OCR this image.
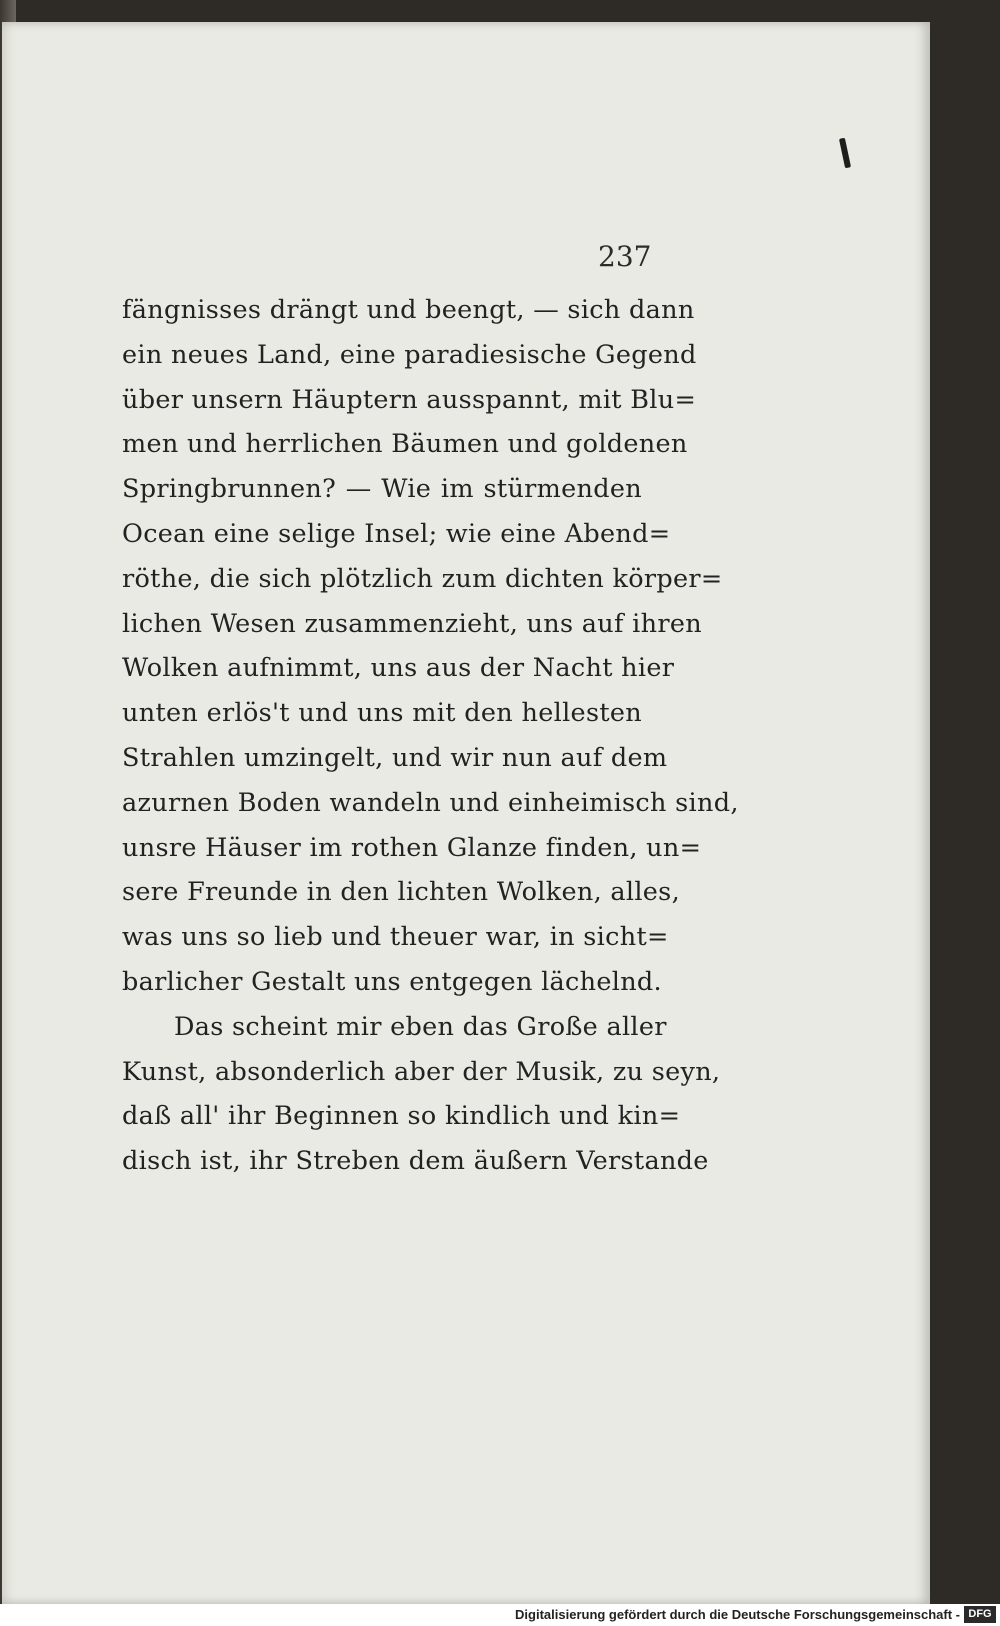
237
fängnisses drängt und beengt, — sich dann
ein neues Land, eine paradiesische Gegend
über unsern Häuptern ausspannt, mit Blu=
men und herrlichen Bäumen und goldenen
Springbrunnen? — Wie im stürmenden
Ocean eine selige Insel; wie eine Abend=
röthe, die sich plötzlich zum dichten körper=
lichen Wesen zusammenzieht, uns auf ihren
Wolken aufnimmt, uns aus der Nacht hier
unten erlös't und uns mit den hellesten
Strahlen umzingelt, und wir nun auf dem
azurnen Boden wandeln und einheimisch sind,
unsre Häuser im rothen Glanze finden, un=
sere Freunde in den lichten Wolken, alles,
was uns so lieb und theuer war, in sicht=
barlicher Gestalt uns entgegen lächelnd.
Das scheint mir eben das Große aller
Kunst, absonderlich aber der Musik, zu seyn,
daß all' ihr Beginnen so kindlich und kin=
disch ist, ihr Streben dem äußern Verstande
Digitalisierung gefördert durch die Deutsche Forschungsgemeinschaft - DFG
